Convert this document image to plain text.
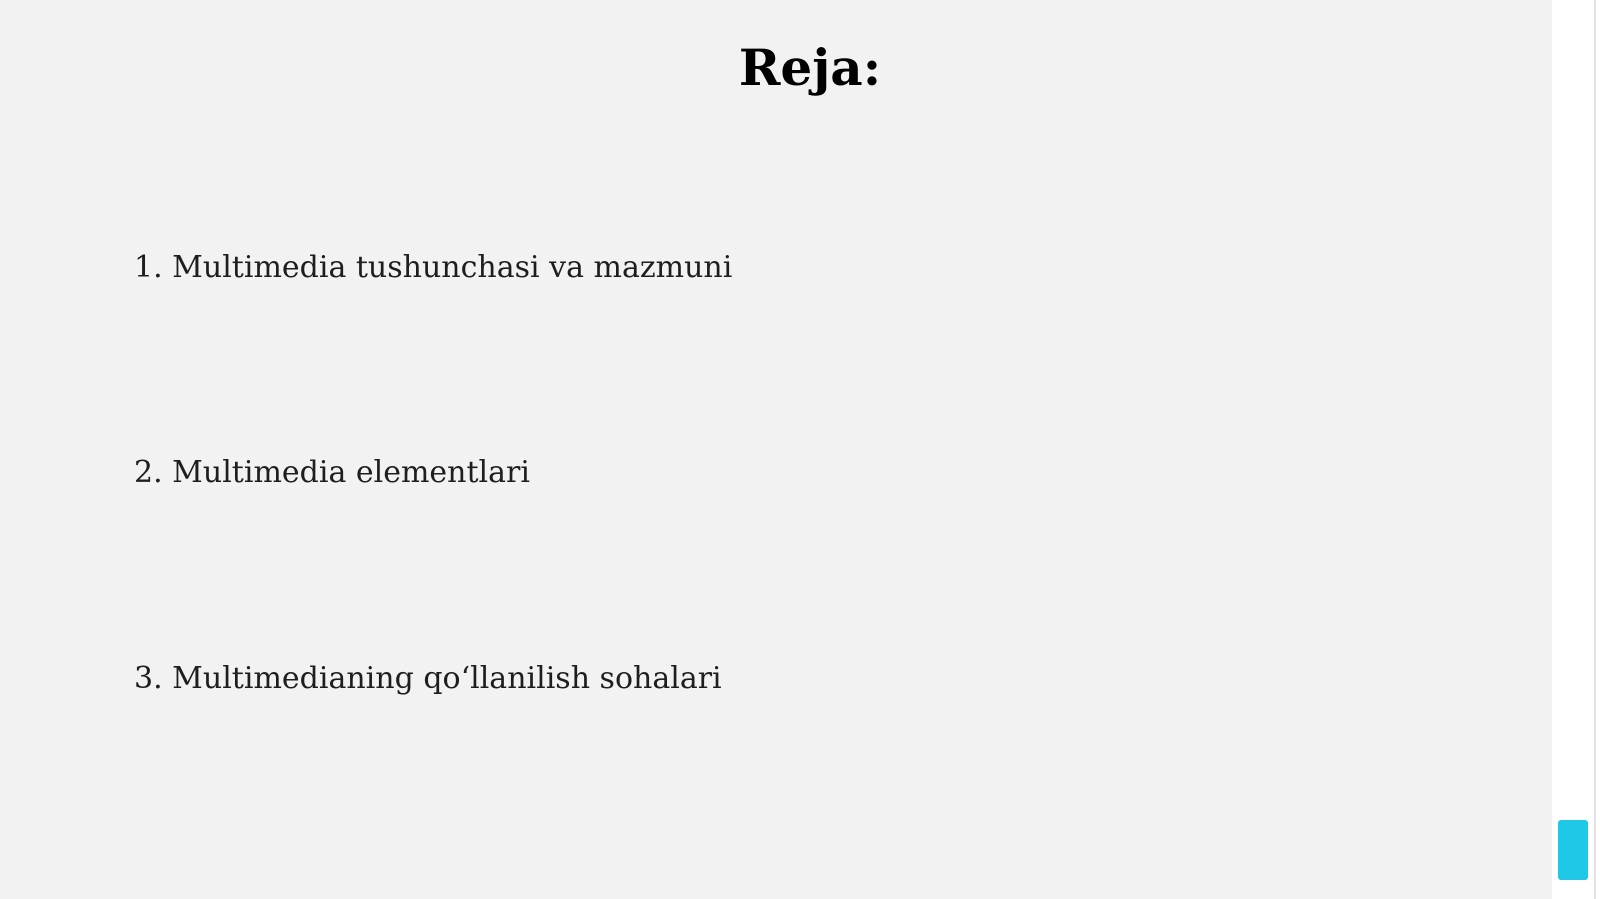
Reja:
1. Multimedia tushunchasi va mazmuni
2. Multimedia elementlari
3. Multimedianing qo‘llanilish sohalari
